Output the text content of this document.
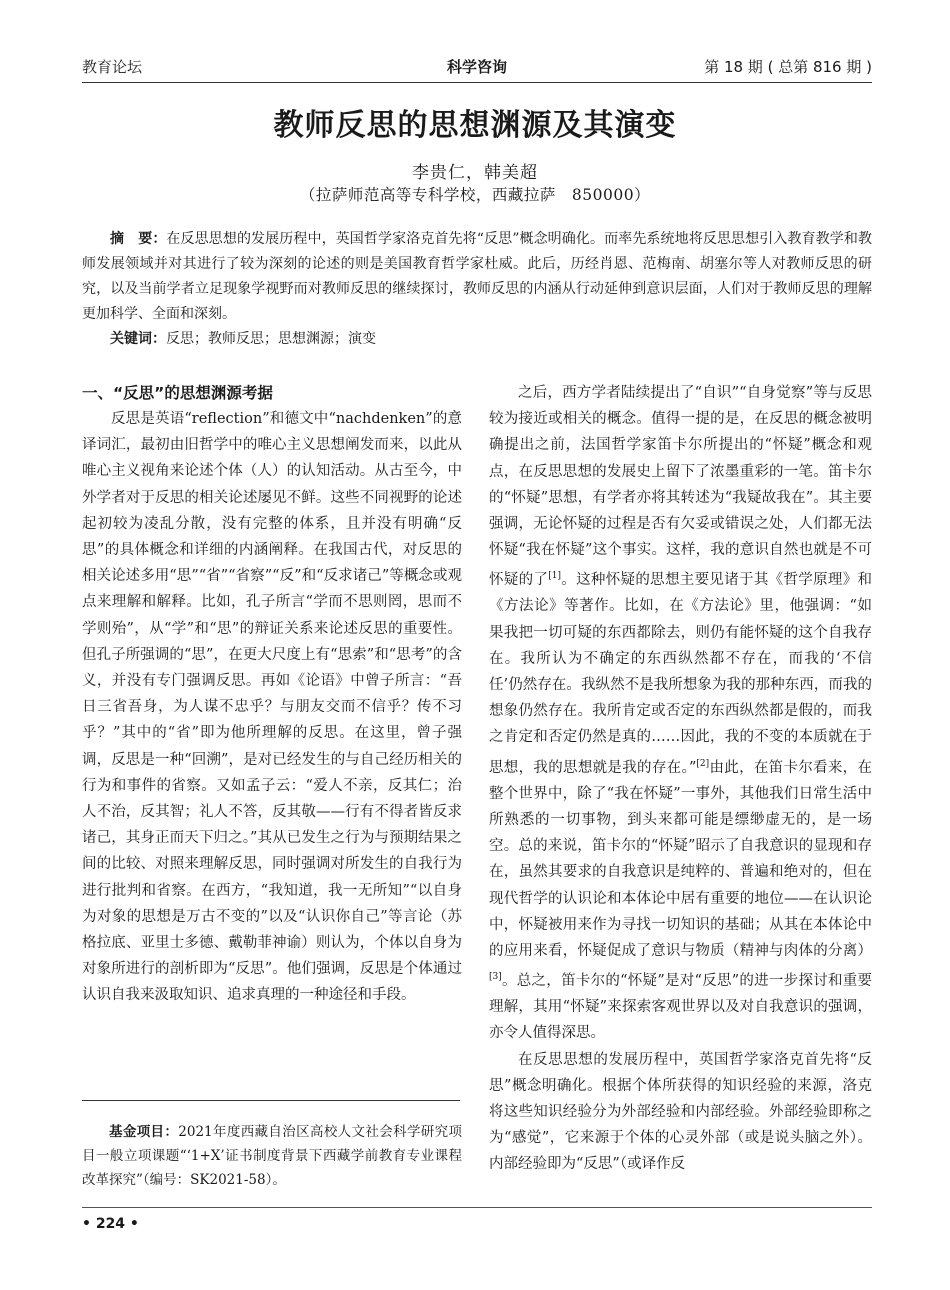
教育论坛	科学咨询	第 18 期 ( 总第 816 期 )
教师反思的思想渊源及其演变
李贵仁，韩美超
（拉萨师范高等专科学校，西藏拉萨　850000）
摘　要：在反思思想的发展历程中，英国哲学家洛克首先将“反思”概念明确化。而率先系统地将反思思想引入教育教学和教师发展领域并对其进行了较为深刻的论述的则是美国教育哲学家杜威。此后，历经肖恩、范梅南、胡塞尔等人对教师反思的研究，以及当前学者立足现象学视野而对教师反思的继续探讨，教师反思的内涵从行动延伸到意识层面，人们对于教师反思的理解更加科学、全面和深刻。
关键词：反思；教师反思；思想渊源；演变
一、“反思”的思想渊源考据

反思是英语“reflection”和德文中“nachdenken”的意译词汇，最初由旧哲学中的唯心主义思想阐发而来，以此从唯心主义视角来论述个体（人）的认知活动。从古至今，中外学者对于反思的相关论述屡见不鲜。这些不同视野的论述起初较为凌乱分散，没有完整的体系，且并没有明确“反思”的具体概念和详细的内涵阐释。在我国古代，对反思的相关论述多用“思”“省”“省察”“反”和“反求诸己”等概念或观点来理解和解释。比如，孔子所言“学而不思则罔，思而不学则殆”，从“学”和“思”的辩证关系来论述反思的重要性。但孔子所强调的“思”，在更大尺度上有“思索”和“思考”的含义，并没有专门强调反思。再如《论语》中曾子所言：“吾日三省吾身，为人谋不忠乎？与朋友交而不信乎？传不习乎？”其中的“省”即为他所理解的反思。在这里，曾子强调，反思是一种“回溯”，是对已经发生的与自己经历相关的行为和事件的省察。又如孟子云：“爱人不亲，反其仁；治人不治，反其智；礼人不答，反其敬——行有不得者皆反求诸己，其身正而天下归之。”其从已发生之行为与预期结果之间的比较、对照来理解反思，同时强调对所发生的自我行为进行批判和省察。在西方，“我知道，我一无所知”“以自身为对象的思想是万古不变的”以及“认识你自己”等言论（苏格拉底、亚里士多德、戴勒菲神谕）则认为，个体以自身为对象所进行的剖析即为“反思”。他们强调，反思是个体通过认识自我来汲取知识、追求真理的一种途径和手段。

之后，西方学者陆续提出了“自识”“自身觉察”等与反思较为接近或相关的概念。值得一提的是，在反思的概念被明确提出之前，法国哲学家笛卡尔所提出的“怀疑”概念和观点，在反思思想的发展史上留下了浓墨重彩的一笔。笛卡尔的“怀疑”思想，有学者亦将其转述为“我疑故我在”。其主要强调，无论怀疑的过程是否有欠妥或错误之处，人们都无法怀疑“我在怀疑”这个事实。这样，我的意识自然也就是不可怀疑的了[1]。这种怀疑的思想主要见诸于其《哲学原理》和《方法论》等著作。比如，在《方法论》里，他强调：“如果我把一切可疑的东西都除去，则仍有能怀疑的这个自我存在。我所认为不确定的东西纵然都不存在，而我的‘不信任’仍然存在。我纵然不是我所想象为我的那种东西，而我的想象仍然存在。我所肯定或否定的东西纵然都是假的，而我之肯定和否定仍然是真的……因此，我的不变的本质就在于思想，我的思想就是我的存在。”[2]由此，在笛卡尔看来，在整个世界中，除了“我在怀疑”一事外，其他我们日常生活中所熟悉的一切事物，到头来都可能是缥缈虚无的，是一场空。总的来说，笛卡尔的“怀疑”昭示了自我意识的显现和存在，虽然其要求的自我意识是纯粹的、普遍和绝对的，但在现代哲学的认识论和本体论中居有重要的地位——在认识论中，怀疑被用来作为寻找一切知识的基础；从其在本体论中的应用来看，怀疑促成了意识与物质（精神与肉体的分离）[3]。总之，笛卡尔的“怀疑”是对“反思”的进一步探讨和重要理解，其用“怀疑”来探索客观世界以及对自我意识的强调，亦令人值得深思。

在反思思想的发展历程中，英国哲学家洛克首先将“反思”概念明确化。根据个体所获得的知识经验的来源，洛克将这些知识经验分为外部经验和内部经验。外部经验即称之为“感觉”，它来源于个体的心灵外部（或是说头脑之外）。内部经验即为“反思”（或译作反

基金项目：2021年度西藏自治区高校人文社会科学研究项目一般立项课题“‘1+X’证书制度背景下西藏学前教育专业课程改革探究”（编号：SK2021-58）。
• 224 •
